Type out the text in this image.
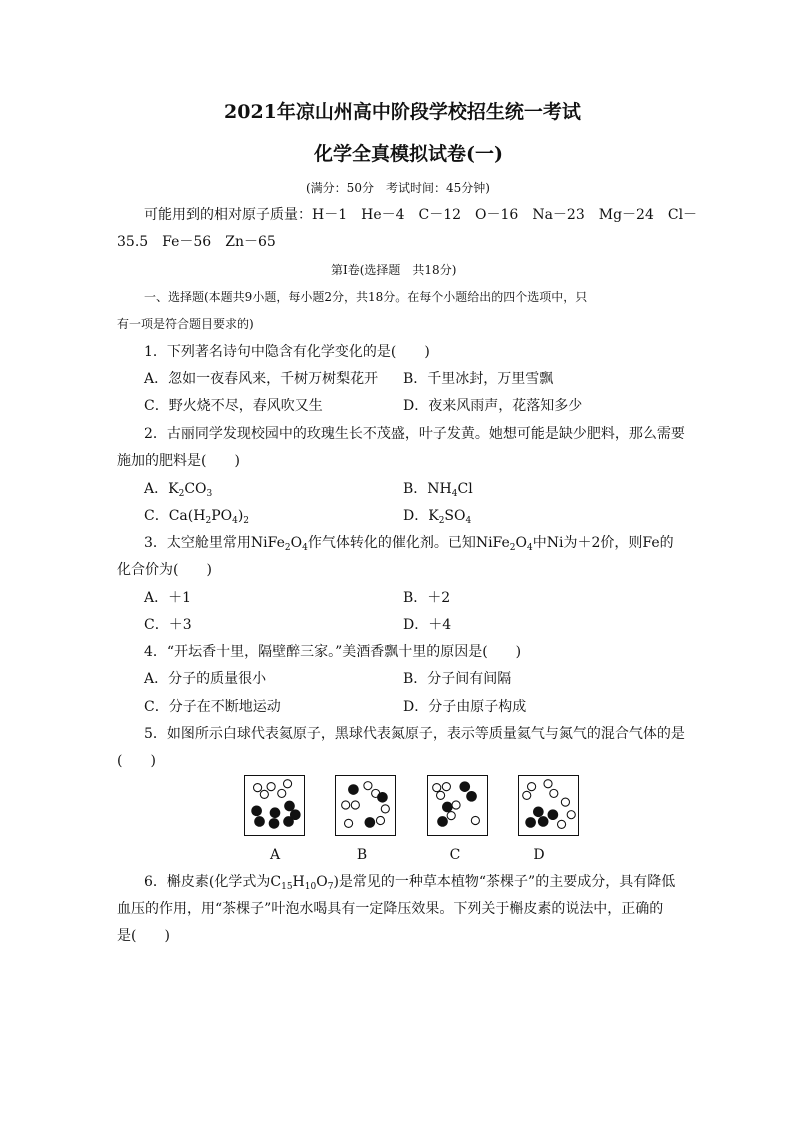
2021年凉山州高中阶段学校招生统一考试
化学全真模拟试卷(一)
(满分：50分　考试时间：45分钟)
可能用到的相对原子质量：H－1　He－4　C－12　O－16　Na－23　Mg－24　Cl－
35.5　Fe－56　Zn－65
第Ⅰ卷(选择题　共18分)
一、选择题(本题共9小题，每小题2分，共18分。在每个小题给出的四个选项中，只
有一项是符合题目要求的)
1．下列著名诗句中隐含有化学变化的是(　　)
A．忽如一夜春风来，千树万树梨花开 B．千里冰封，万里雪飘
C．野火烧不尽，春风吹又生	D．夜来风雨声，花落知多少
2．古丽同学发现校园中的玫瑰生长不茂盛，叶子发黄。她想可能是缺少肥料，那么需要
施加的肥料是(　　)
A．$K_2CO_3$	B．$NH_4Cl$
C．$Ca(H_2PO_4)_2$	D．$K_2SO_4$
3．太空舱里常用$NiFe_2O_4$作气体转化的催化剂。已知$NiFe_2O_4$中Ni为＋2价，则Fe的
化合价为(　　)
A．＋1	B．＋2
C．＋3	D．＋4
4．“开坛香十里，隔壁醉三家。”美酒香飘十里的原因是(　　)
A．分子的质量很小	B．分子间有间隔
C．分子在不断地运动	D．分子由原子构成
5．如图所示白球代表氦原子，黑球代表氮原子，表示等质量氦气与氮气的混合气体的是
(　　)
A	B	C	D
6．槲皮素(化学式为$C_{15}H_{10}O_7$)是常见的一种草本植物“茶棵子”的主要成分，具有降低
血压的作用，用“茶棵子”叶泡水喝具有一定降压效果。下列关于槲皮素的说法中，正确的
是(　　)
